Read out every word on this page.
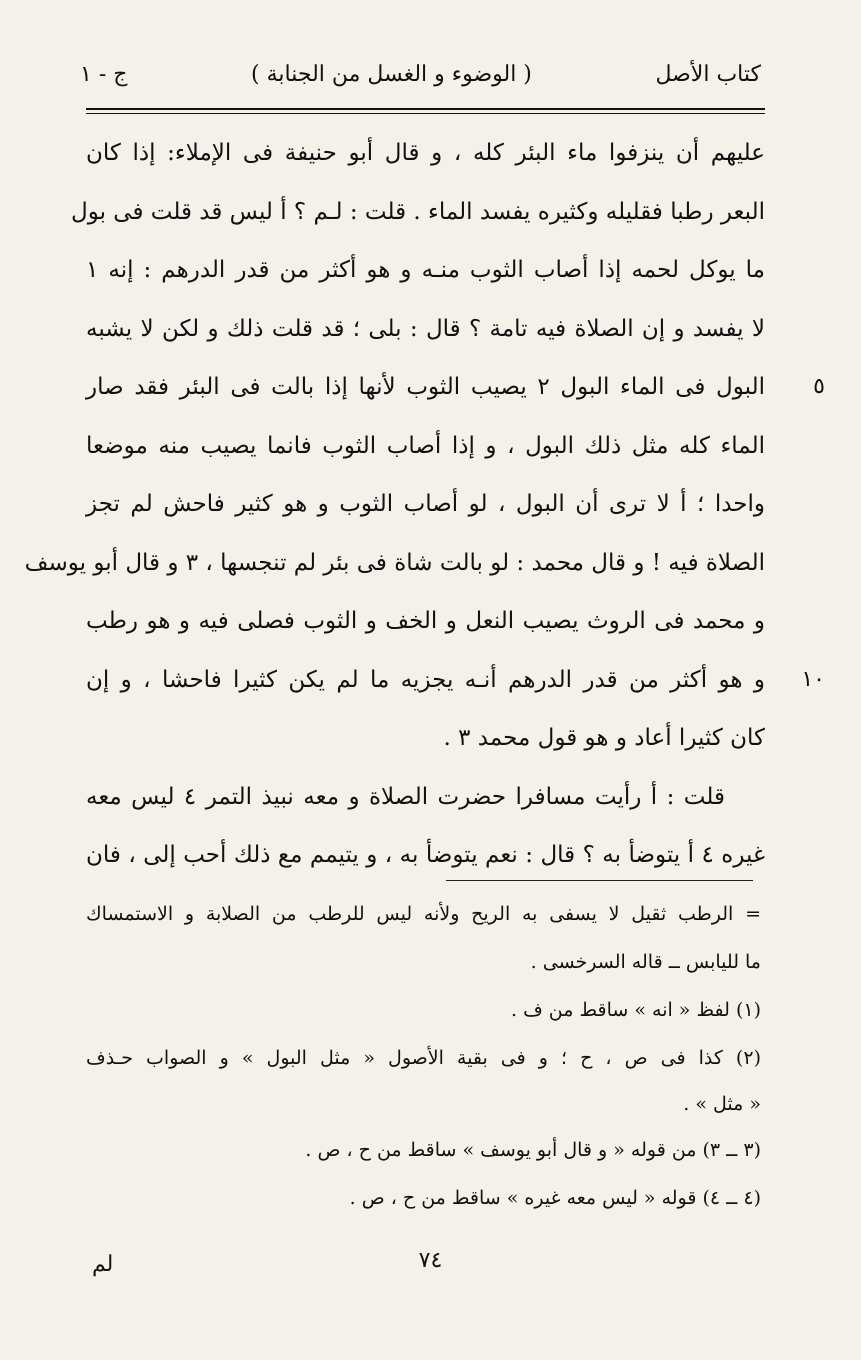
كتاب الأصل
( الوضوء و الغسل من الجنابة )
ج - ١
عليهم أن ينزفوا ماء البئر كله ، و قال أبو حنيفة فى الإملاء: إذا كان
البعر رطبا فقليله وكثيره يفسد الماء . قلت : لـم ؟ أ ليس قد قلت فى بول
ما يوكل لحمه إذا أصاب الثوب منـه و هو أكثر من قدر الدرهم : إنه ١
لا يفسد و إن الصلاة فيه تامة ؟ قال : بلى ؛ قد قلت ذلك و لكن لا يشبه
٥
البول فى الماء البول ٢ يصيب الثوب لأنها إذا بالت فى البئر فقد صار
الماء كله مثل ذلك البول ، و إذا أصاب الثوب فانما يصيب منه موضعا
واحدا ؛ أ لا ترى أن البول ، لو أصاب الثوب و هو كثير فاحش لم تجز
الصلاة فيه ! و قال محمد : لو بالت شاة فى بئر لم تنجسها ، ٣ و قال أبو يوسف
و محمد فى الروث يصيب النعل و الخف و الثوب فصلى فيه و هو رطب
١٠
و هو أكثر من قدر الدرهم أنـه يجزيه ما لم يكن كثيرا فاحشا ، و إن
كان كثيرا أعاد و هو قول محمد ٣ .
قلت : أ رأيت مسافرا حضرت الصلاة و معه نبيذ التمر ٤ ليس معه
غيره ٤ أ يتوضأ به ؟ قال : نعم يتوضأ به ، و يتيمم مع ذلك أحب إلى ، فان
= الرطب ثقيل لا يسفى به الريح ولأنه ليس للرطب من الصلابة و الاستمساك
ما لليابس ــ قاله السرخسى .
(١) لفظ « انه » ساقط من ف .
(٢) كذا فى ص ، ح ؛ و فى بقية الأصول « مثل البول » و الصواب حـذف
« مثل » .
(٣ ــ ٣) من قوله « و قال أبو يوسف » ساقط من ح ، ص .
(٤ ــ ٤) قوله « ليس معه غيره » ساقط من ح ، ص .
٧٤
لم
